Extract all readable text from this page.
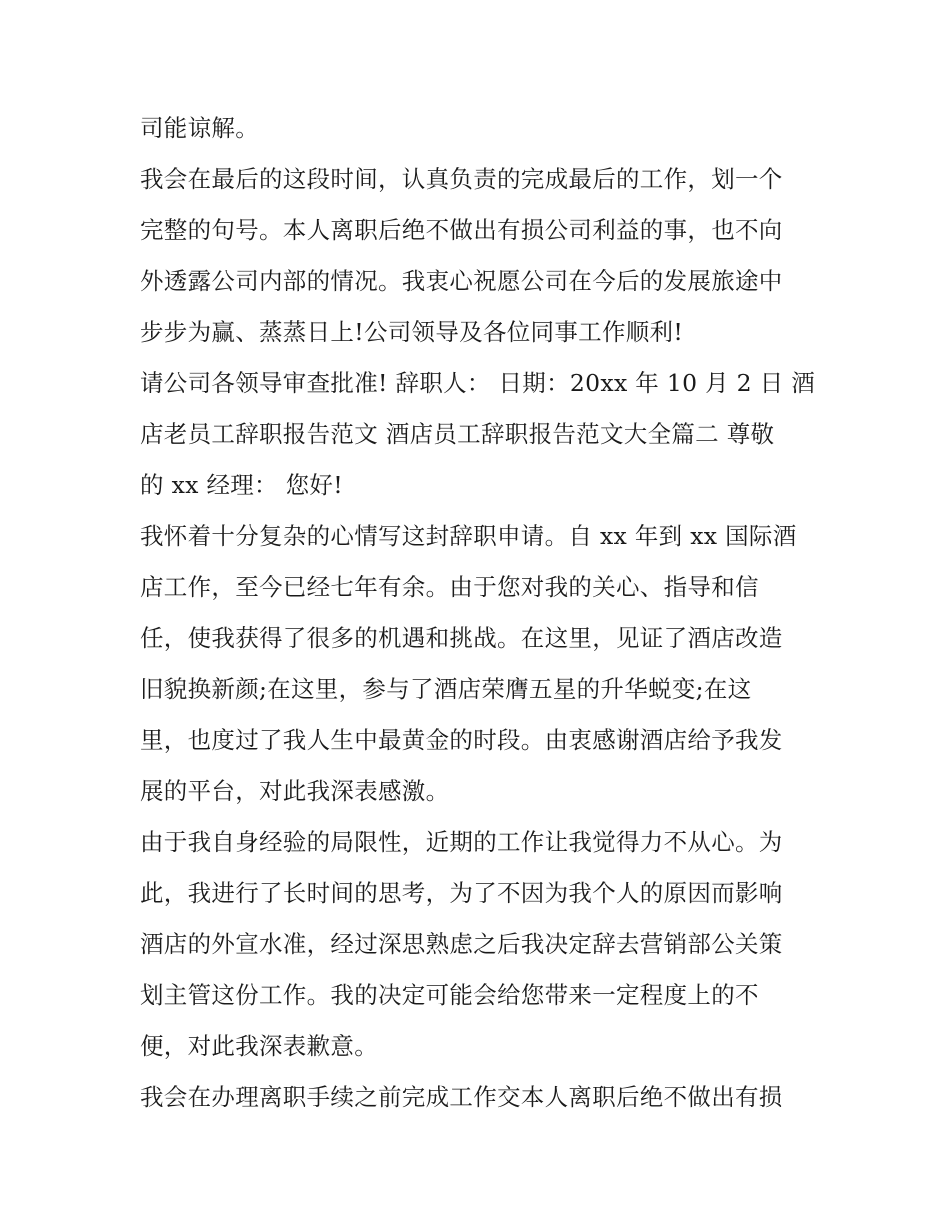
司能谅解。
我会在最后的这段时间，认真负责的完成最后的工作，划一个
完整的句号。本人离职后绝不做出有损公司利益的事，也不向
外透露公司内部的情况。我衷心祝愿公司在今后的发展旅途中
步步为赢、蒸蒸日上!公司领导及各位同事工作顺利!
请公司各领导审查批准! 辞职人： 日期：20xx 年 10 月 2 日 酒
店老员工辞职报告范文 酒店员工辞职报告范文大全篇二 尊敬
的 xx 经理： 您好!
我怀着十分复杂的心情写这封辞职申请。自 xx 年到 xx 国际酒
店工作，至今已经七年有余。由于您对我的关心、指导和信
任，使我获得了很多的机遇和挑战。在这里，见证了酒店改造
旧貌换新颜;在这里，参与了酒店荣膺五星的升华蜕变;在这
里，也度过了我人生中最黄金的时段。由衷感谢酒店给予我发
展的平台，对此我深表感激。
由于我自身经验的局限性，近期的工作让我觉得力不从心。为
此，我进行了长时间的思考，为了不因为我个人的原因而影响
酒店的外宣水准，经过深思熟虑之后我决定辞去营销部公关策
划主管这份工作。我的决定可能会给您带来一定程度上的不
便，对此我深表歉意。
我会在办理离职手续之前完成工作交本人离职后绝不做出有损
